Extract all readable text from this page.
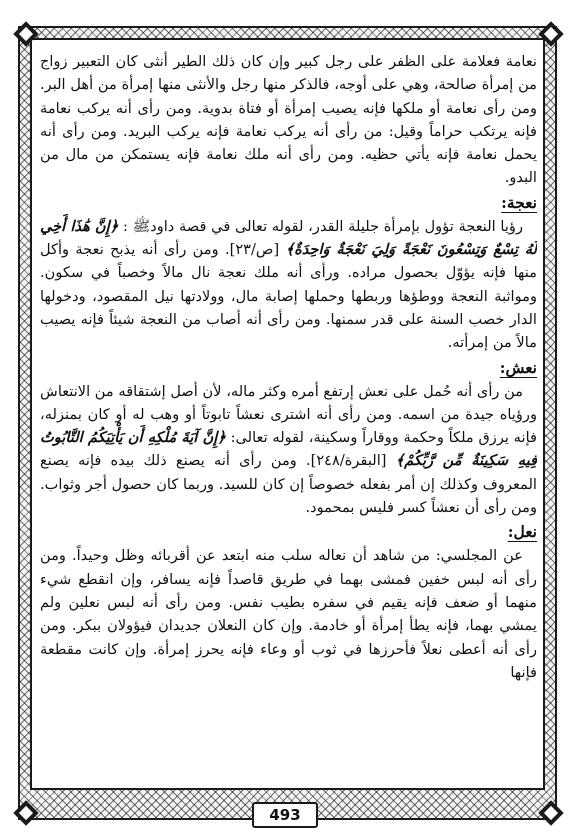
نعامة فعلامة على الظفر على رجل كبير وإن كان ذلك الطير أنثى كان التعبير زواج من إمرأة صالحة، وهي على أوجه، فالذكر منها رجل والأنثى منها إمرأة من أهل البر. ومن رأى نعامة أو ملكها فإنه يصيب إمرأة أو فتاة بدوية. ومن رأى أنه يركب نعامة فإنه يرتكب حراماً وقيل: من رأى أنه يركب نعامة فإنه يركب البريد. ومن رأى أنه يحمل نعامة فإنه يأتي حظيه. ومن رأى أنه ملك نعامة فإنه يستمكن من مال من البدو.

نعجة:

رؤيا النعجة تؤول بإمرأة جليلة القدر، لقوله تعالى في قصة داودﷺ : ﴿إِنَّ هَٰذَا أَخِي لَهُ تِسْعٌ وَتِسْعُونَ نَعْجَةً وَلِيَ نَعْجَةٌ وَاحِدَةٌ﴾ [ص/٢٣]. ومن رأى أنه يذبح نعجة وأكل منها فإنه يؤوّل بحصول مراده. ورأى أنه ملك نعجة نال مالاً وخصباً في سكون. ومواثبة النعجة ووطؤها وربطها وحملها إصابة مال، وولادتها نيل المقصود، ودخولها الدار خصب السنة على قدر سمنها. ومن رأى أنه أصاب من النعجة شيئاً فإنه يصيب مالاً من إمرأته.

نعش:

من رأى أنه حُمل على نعش إرتفع أمره وكثر ماله، لأن أصل إشتقاقه من الانتعاش ورؤياه جيدة من اسمه. ومن رأى أنه اشترى نعشاً تابوتاً أو وهب له أو كان بمنزله، فإنه يرزق ملكاً وحكمة ووقاراً وسكينة، لقوله تعالى: ﴿إِنَّ آيَةَ مُلْكِهِ أَن يَأْتِيَكُمُ التَّابُوتُ فِيهِ سَكِينَةٌ مِّن رَّبِّكُمْ﴾ [البقرة/٢٤٨]. ومن رأى أنه يصنع ذلك بيده فإنه يصنع المعروف وكذلك إن أمر بفعله خصوصاً إن كان للسيد. وربما كان حصول أجر وثواب. ومن رأى أن نعشاً كسر فليس بمحمود.

نعل:

عن المجلسي: من شاهد أن نعاله سلب منه ابتعد عن أقربائه وظل وحيداً. ومن رأى أنه لبس خفين فمشى بهما في طريق قاصداً فإنه يسافر، وإن انقطع شيء منهما أو ضعف فإنه يقيم في سفره بطيب نفس. ومن رأى أنه لبس نعلين ولم يمشي بهما، فإنه يطأ إمرأة أو خادمة. وإن كان النعلان جديدان فيؤولان ببكر. ومن رأى أنه أعطى نعلاً فأحرزها في ثوب أو وعاء فإنه يحرز إمرأة. وإن كانت مقطعة فإنها

493
